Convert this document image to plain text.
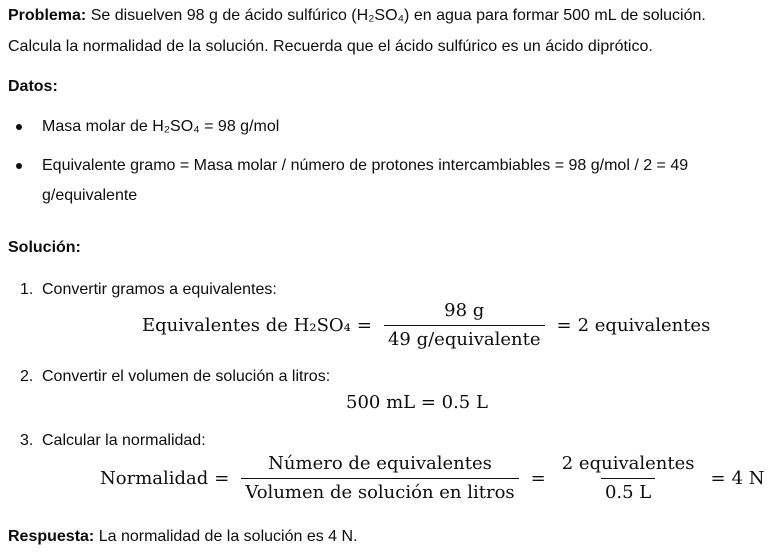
Problema: Se disuelven 98 g de ácido sulfúrico (H₂SO₄) en agua para formar 500 mL de solución.
Calcula la normalidad de la solución. Recuerda que el ácido sulfúrico es un ácido diprótico.
Datos:
Masa molar de H₂SO₄ = 98 g/mol
Equivalente gramo = Masa molar / número de protones intercambiables = 98 g/mol / 2 = 49
g/equivalente
Solución:
1. Convertir gramos a equivalentes:
Equivalentes de $H_2SO_4 = \frac{98 g}{\text{49 g/equivalente}} = 2$ equivalentes
2. Convertir el volumen de solución a litros:
500 mL = 0.5 L
3. Calcular la normalidad:
Normalidad = $\frac{\text{Número de equivalentes}}{\text{Volumen de solución en litros}} = \frac{\text{2 equivalentes}}{0.5 L} = 4$ N
Respuesta: La normalidad de la solución es 4 N.
